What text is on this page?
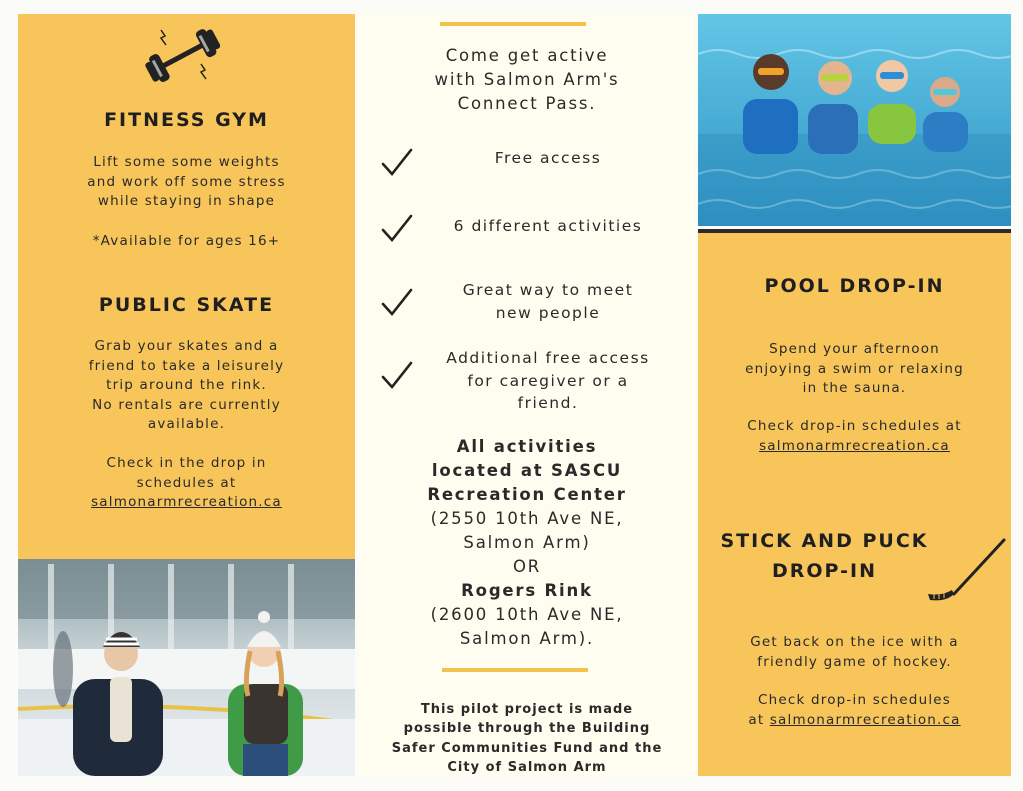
FITNESS GYM
Lift some some weights
and work off some stress
while staying in shape
*Available for ages 16+
PUBLIC SKATE
Grab your skates and a
friend to take a leisurely
trip around the rink.
No rentals are currently
available.
Check in the drop in
schedules at
salmonarmrecreation.ca
Come get active
with Salmon Arm's
Connect Pass.
Free access
6 different activities
Great way to meet
new people
Additional free access
for caregiver or a
friend.
All activities
located at SASCU
Recreation Center
(2550 10th Ave NE,
Salmon Arm)
OR
Rogers Rink
(2600 10th Ave NE,
Salmon Arm).
This pilot project is made
possible through the Building
Safer Communities Fund and the
City of Salmon Arm
POOL DROP-IN
Spend your afternoon
enjoying a swim or relaxing
in the sauna.
Check drop-in schedules at
salmonarmrecreation.ca
STICK AND PUCK
DROP-IN
Get back on the ice with a
friendly game of hockey.
Check drop-in schedules
at salmonarmrecreation.ca
